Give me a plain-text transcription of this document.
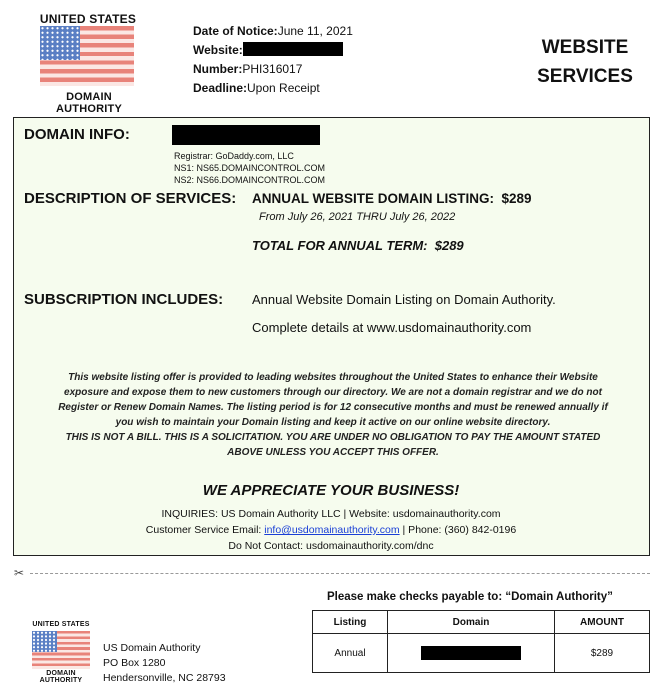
UNITED STATES
DOMAIN AUTHORITY
Date of Notice:June 11, 2021
Website:
Number:PHI316017
Deadline:Upon Receipt
WEBSITE
SERVICES
DOMAIN INFO:
Registrar: GoDaddy.com, LLC
NS1: NS65.DOMAINCONTROL.COM
NS2: NS66.DOMAINCONTROL.COM
DESCRIPTION OF SERVICES: ANNUAL WEBSITE DOMAIN LISTING: $289
From July 26, 2021 THRU July 26, 2022
TOTAL FOR ANNUAL TERM: $289
SUBSCRIPTION INCLUDES: Annual Website Domain Listing on Domain Authority.
Complete details at www.usdomainauthority.com
This website listing offer is provided to leading websites throughout the United States to enhance their Website exposure and expose them to new customers through our directory. We are not a domain registrar and we do not Register or Renew Domain Names. The listing period is for 12 consecutive months and must be renewed annually if you wish to maintain your Domain listing and keep it active on our online website directory.
THIS IS NOT A BILL. THIS IS A SOLICITATION. YOU ARE UNDER NO OBLIGATION TO PAY THE AMOUNT STATED ABOVE UNLESS YOU ACCEPT THIS OFFER.
WE APPRECIATE YOUR BUSINESS!
INQUIRIES: US Domain Authority LLC | Website: usdomainauthority.com
Customer Service Email: info@usdomainauthority.com | Phone: (360) 842-0196
Do Not Contact: usdomainauthority.com/dnc
✂
UNITED STATES
DOMAIN AUTHORITY
US Domain Authority
PO Box 1280
Hendersonville, NC 28793
Please make checks payable to: “Domain Authority”
Listing	Domain	AMOUNT
Annual		$289
